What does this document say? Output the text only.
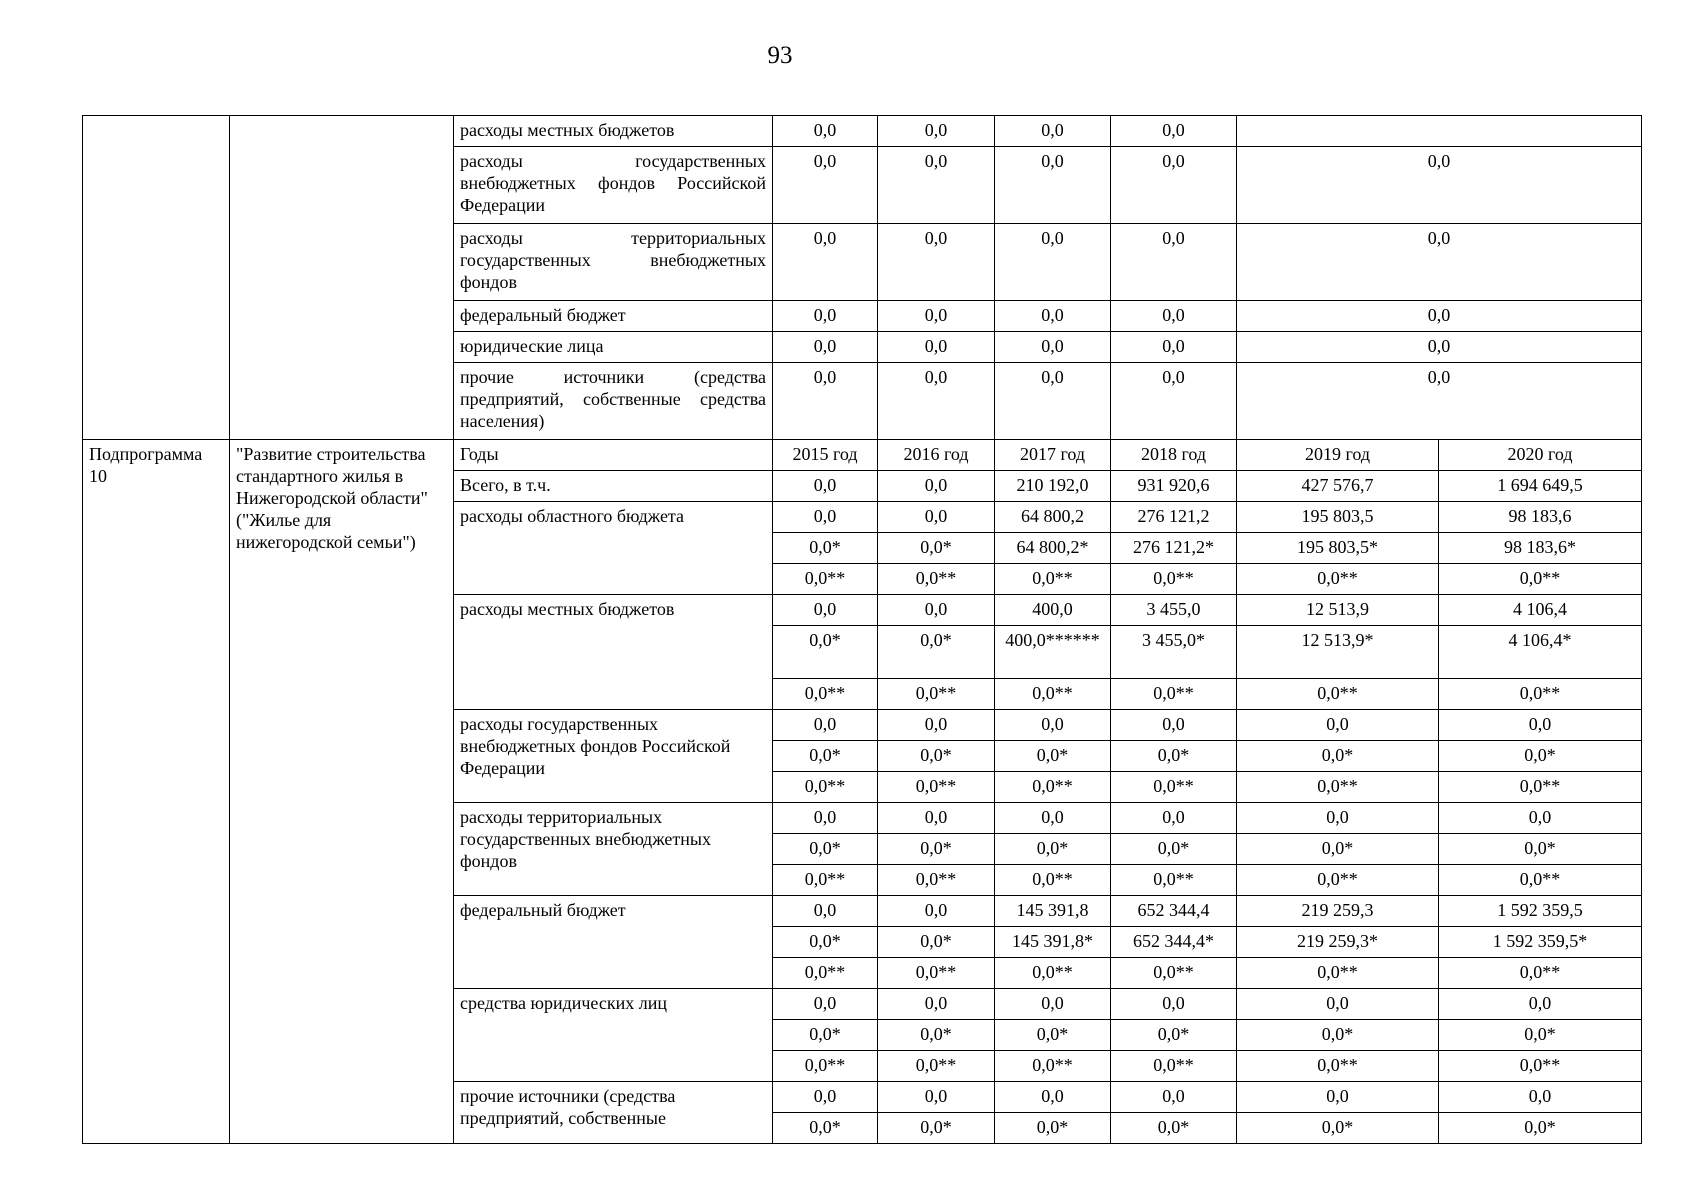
93
		расходы местных бюджетов	0,0	0,0	0,0	0,0		
		расходы государственных внебюджетных фондов Российской Федерации	0,0	0,0	0,0	0,0	0,0	
		расходы территориальных государственных внебюджетных фондов	0,0	0,0	0,0	0,0	0,0	
		федеральный бюджет	0,0	0,0	0,0	0,0	0,0	
		юридические лица	0,0	0,0	0,0	0,0	0,0	
		прочие источники (средства предприятий, собственные средства населения)	0,0	0,0	0,0	0,0	0,0	
Подпрограмма 10	"Развитие строительства стандартного жилья в Нижегородской области" ("Жилье для нижегородской семьи")	Годы	2015 год	2016 год	2017 год	2018 год	2019 год	2020 год
		Всего, в т.ч.	0,0	0,0	210 192,0	931 920,6	427 576,7	1 694 649,5
		расходы областного бюджета	0,0	0,0	64 800,2	276 121,2	195 803,5	98 183,6
			0,0*	0,0*	64 800,2*	276 121,2*	195 803,5*	98 183,6*
			0,0**	0,0**	0,0**	0,0**	0,0**	0,0**
		расходы местных бюджетов	0,0	0,0	400,0	3 455,0	12 513,9	4 106,4
			0,0*	0,0*	400,0******	3 455,0*	12 513,9*	4 106,4*
			0,0**	0,0**	0,0**	0,0**	0,0**	0,0**
		расходы государственных внебюджетных фондов Российской Федерации	0,0	0,0	0,0	0,0	0,0	0,0
			0,0*	0,0*	0,0*	0,0*	0,0*	0,0*
			0,0**	0,0**	0,0**	0,0**	0,0**	0,0**
		расходы территориальных государственных внебюджетных фондов	0,0	0,0	0,0	0,0	0,0	0,0
			0,0*	0,0*	0,0*	0,0*	0,0*	0,0*
			0,0**	0,0**	0,0**	0,0**	0,0**	0,0**
		федеральный бюджет	0,0	0,0	145 391,8	652 344,4	219 259,3	1 592 359,5
			0,0*	0,0*	145 391,8*	652 344,4*	219 259,3*	1 592 359,5*
			0,0**	0,0**	0,0**	0,0**	0,0**	0,0**
		средства юридических лиц	0,0	0,0	0,0	0,0	0,0	0,0
			0,0*	0,0*	0,0*	0,0*	0,0*	0,0*
			0,0**	0,0**	0,0**	0,0**	0,0**	0,0**
		прочие источники (средства предприятий, собственные	0,0	0,0	0,0	0,0	0,0	0,0
			0,0*	0,0*	0,0*	0,0*	0,0*	0,0*
